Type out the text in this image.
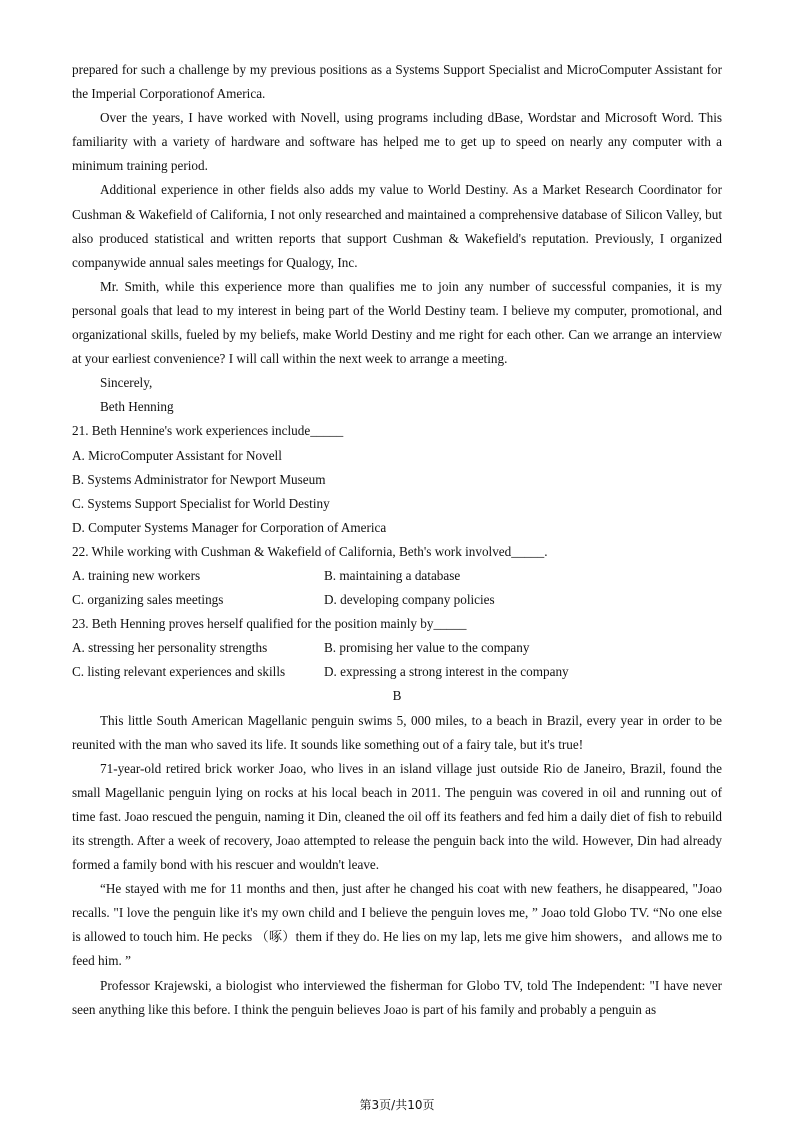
prepared for such a challenge by my previous positions as a Systems Support Specialist and MicroComputer Assistant for the Imperial Corporationof America.

Over the years, I have worked with Novell, using programs including dBase, Wordstar and Microsoft Word. This familiarity with a variety of hardware and software has helped me to get up to speed on nearly any computer with a minimum training period.

Additional experience in other fields also adds my value to World Destiny. As a Market Research Coordinator for Cushman & Wakefield of California, I not only researched and maintained a comprehensive database of Silicon Valley, but also produced statistical and written reports that support Cushman & Wakefield's reputation. Previously, I organized companywide annual sales meetings for Qualogy, Inc.

Mr. Smith, while this experience more than qualifies me to join any number of successful companies, it is my personal goals that lead to my interest in being part of the World Destiny team. I believe my computer, promotional, and organizational skills, fueled by my beliefs, make World Destiny and me right for each other. Can we arrange an interview at your earliest convenience? I will call within the next week to arrange a meeting.

Sincerely,

Beth Henning

21. Beth Hennine's work experiences include_____

A. MicroComputer Assistant for Novell

B. Systems Administrator for Newport Museum

C. Systems Support Specialist for World Destiny

D. Computer Systems Manager for Corporation of America

22. While working with Cushman & Wakefield of California, Beth's work involved_____.

A. training new workers	B. maintaining a database
C. organizing sales meetings	D. developing company policies

23. Beth Henning proves herself qualified for the position mainly by_____

A. stressing her personality strengths	B. promising her value to the company
C. listing relevant experiences and skills	D. expressing a strong interest in the company

B

This little South American Magellanic penguin swims 5, 000 miles, to a beach in Brazil, every year in order to be reunited with the man who saved its life. It sounds like something out of a fairy tale, but it's true!

71-year-old retired brick worker Joao, who lives in an island village just outside Rio de Janeiro, Brazil, found the small Magellanic penguin lying on rocks at his local beach in 2011. The penguin was covered in oil and running out of time fast. Joao rescued the penguin, naming it Din, cleaned the oil off its feathers and fed him a daily diet of fish to rebuild its strength. After a week of recovery, Joao attempted to release the penguin back into the wild. However, Din had already formed a family bond with his rescuer and wouldn't leave.

“He stayed with me for 11 months and then, just after he changed his coat with new feathers, he disappeared, "Joao recalls. "I love the penguin like it's my own child and I believe the penguin loves me, ” Joao told Globo TV. “No one else is allowed to touch him. He pecks （啄）them if they do. He lies on my lap, lets me give him showers，and allows me to feed him. ”

Professor Krajewski, a biologist who interviewed the fisherman for Globo TV, told The Independent: "I have never seen anything like this before. I think the penguin believes Joao is part of his family and probably a penguin as

第3页/共10页
